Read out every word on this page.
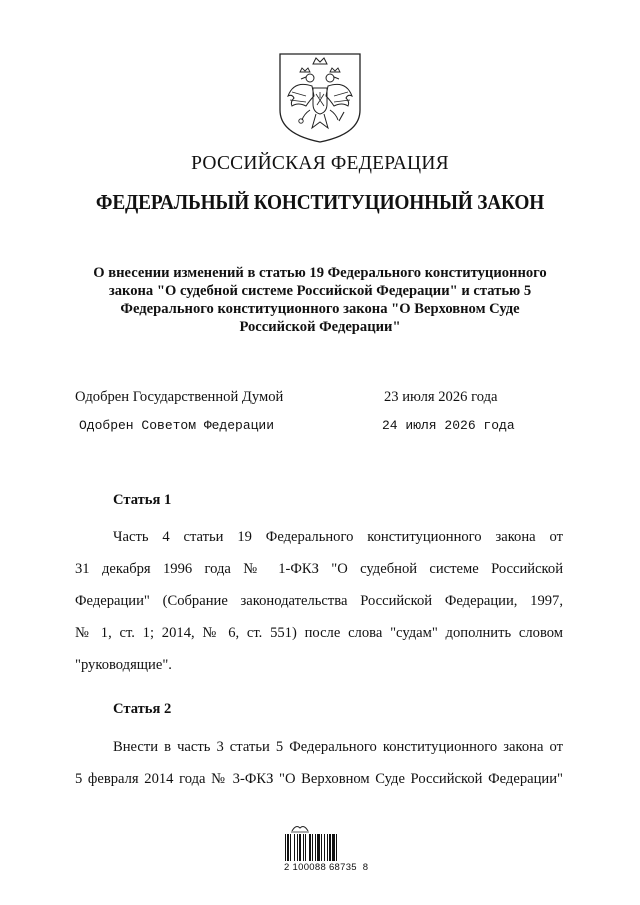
РОССИЙСКАЯ ФЕДЕРАЦИЯ
ФЕДЕРАЛЬНЫЙ КОНСТИТУЦИОННЫЙ ЗАКОН
О внесении изменений в статью 19 Федерального конституционного
закона "О судебной системе Российской Федерации" и статью 5
Федерального конституционного закона "О Верховном Суде
Российской Федерации"
Одобрен Государственной Думой	23 июля 2026 года
Одобрен Советом Федерации	24 июля 2026 года
Статья 1
Часть 4 статьи 19 Федерального конституционного закона от
31 декабря 1996 года № 1-ФКЗ "О судебной системе Российской
Федерации" (Собрание законодательства Российской Федерации, 1997,
№ 1, ст. 1; 2014, № 6, ст. 551) после слова "судам" дополнить словом
"руководящие".
Статья 2
Внести в часть 3 статьи 5 Федерального конституционного закона от
5 февраля 2014 года № 3-ФКЗ "О Верховном Суде Российской Федерации"
2 100088 68735  8
